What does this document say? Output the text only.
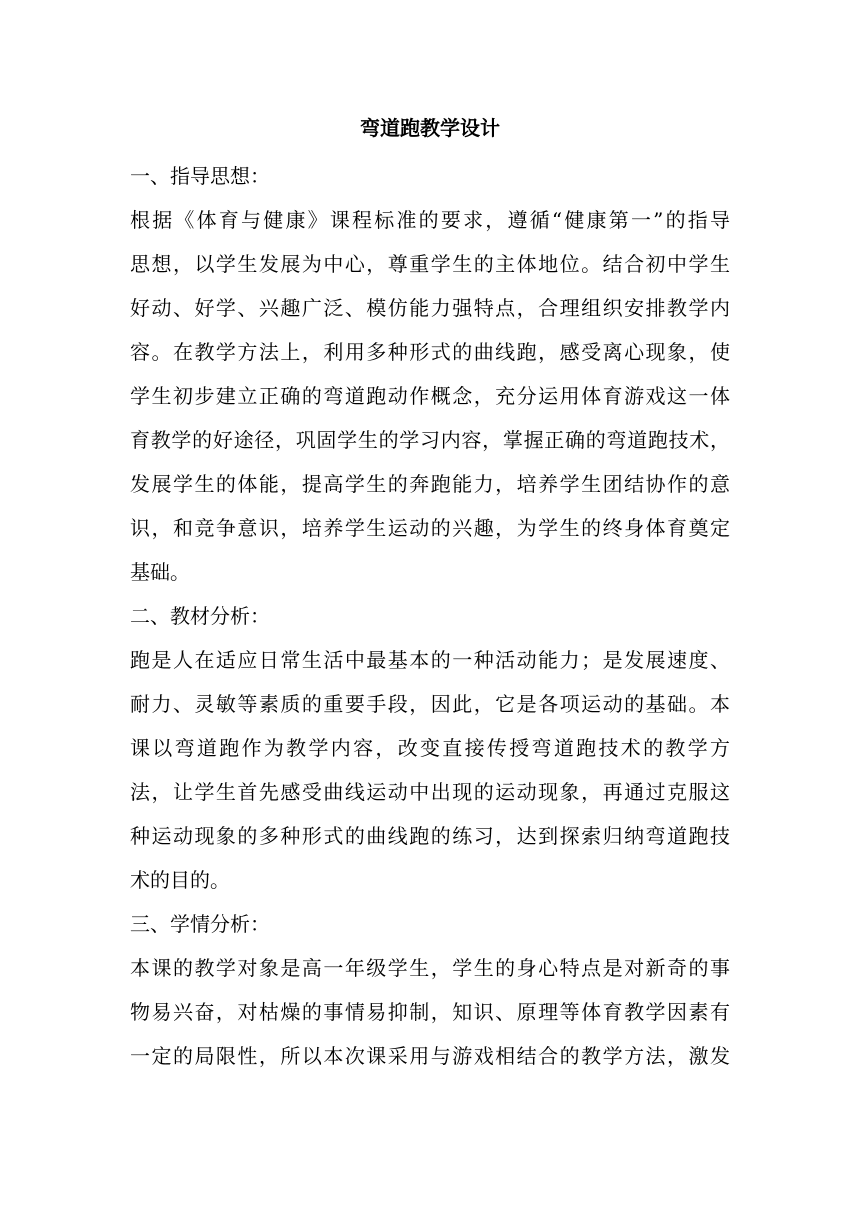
弯道跑教学设计
一、指导思想：
根据《体育与健康》课程标准的要求，遵循“健康第一”的指导
思想，以学生发展为中心，尊重学生的主体地位。结合初中学生
好动、好学、兴趣广泛、模仿能力强特点，合理组织安排教学内
容。在教学方法上，利用多种形式的曲线跑，感受离心现象，使
学生初步建立正确的弯道跑动作概念，充分运用体育游戏这一体
育教学的好途径，巩固学生的学习内容，掌握正确的弯道跑技术，
发展学生的体能，提高学生的奔跑能力，培养学生团结协作的意
识，和竞争意识，培养学生运动的兴趣，为学生的终身体育奠定
基础。
二、教材分析：
跑是人在适应日常生活中最基本的一种活动能力；是发展速度、
耐力、灵敏等素质的重要手段，因此，它是各项运动的基础。本
课以弯道跑作为教学内容，改变直接传授弯道跑技术的教学方
法，让学生首先感受曲线运动中出现的运动现象，再通过克服这
种运动现象的多种形式的曲线跑的练习，达到探索归纳弯道跑技
术的目的。
三、学情分析：
本课的教学对象是高一年级学生，学生的身心特点是对新奇的事
物易兴奋，对枯燥的事情易抑制，知识、原理等体育教学因素有
一定的局限性，所以本次课采用与游戏相结合的教学方法，激发
